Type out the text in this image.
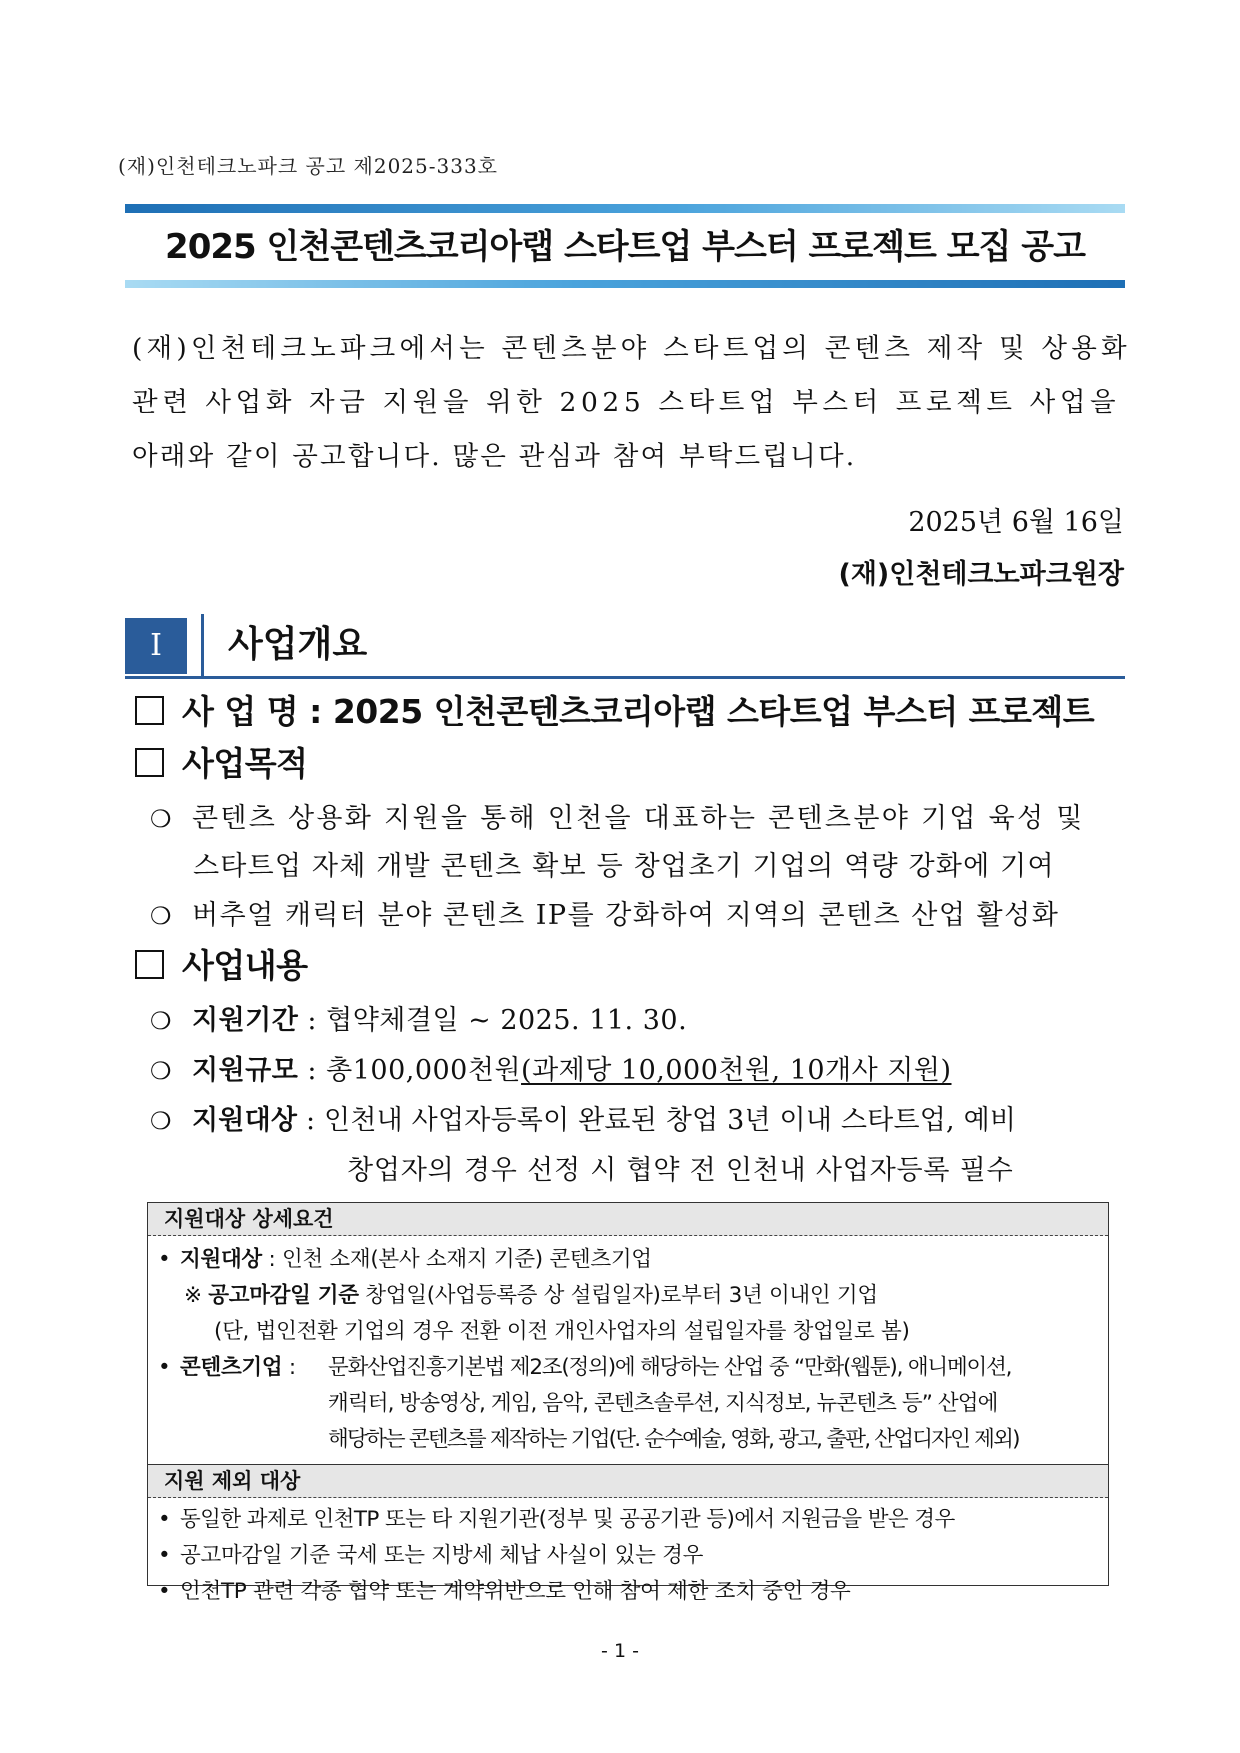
(재)인천테크노파크 공고 제2025-333호
2025 인천콘텐츠코리아랩 스타트업 부스터 프로젝트 모집 공고

(재)인천테크노파크에서는 콘텐츠분야 스타트업의 콘텐츠 제작 및 상용화

관련 사업화 자금 지원을 위한 2025 스타트업 부스터 프로젝트 사업을

아래와 같이 공고합니다. 많은 관심과 참여 부탁드립니다.

2025년 6월 16일
(재)인천테크노파크원장
Ⅰ	사업개요
사 업 명 : 2025 인천콘텐츠코리아랩 스타트업 부스터 프로젝트
사업목적
❍ 콘텐츠 상용화 지원을 통해 인천을 대표하는 콘텐츠분야 기업 육성 및
스타트업 자체 개발 콘텐츠 확보 등 창업초기 기업의 역량 강화에 기여
❍ 버추얼 캐릭터 분야 콘텐츠 IP를 강화하여 지역의 콘텐츠 산업 활성화
사업내용
❍ 지원기간 : 협약체결일 ~ 2025. 11. 30.
❍ 지원규모 : 총100,000천원(과제당 10,000천원, 10개사 지원)
❍ 지원대상 : 인천내 사업자등록이 완료된 창업 3년 이내 스타트업, 예비
창업자의 경우 선정 시 협약 전 인천내 사업자등록 필수
지원대상 상세요건
• 지원대상 : 인천 소재(본사 소재지 기준) 콘텐츠기업
※ 공고마감일 기준 창업일(사업등록증 상 설립일자)로부터 3년 이내인 기업
(단, 법인전환 기업의 경우 전환 이전 개인사업자의 설립일자를 창업일로 봄)
• 콘텐츠기업 : 문화산업진흥기본법 제2조(정의)에 해당하는 산업 중 “만화(웹툰), 애니메이션,
캐릭터, 방송영상, 게임, 음악, 콘텐츠솔루션, 지식정보, 뉴콘텐츠 등” 산업에
해당하는 콘텐츠를 제작하는 기업(단. 순수예술, 영화, 광고, 출판, 산업디자인 제외)
지원 제외 대상
• 동일한 과제로 인천TP 또는 타 지원기관(정부 및 공공기관 등)에서 지원금을 받은 경우
• 공고마감일 기준 국세 또는 지방세 체납 사실이 있는 경우
• 인천TP 관련 각종 협약 또는 계약위반으로 인해 참여 제한 조치 중인 경우
- 1 -
